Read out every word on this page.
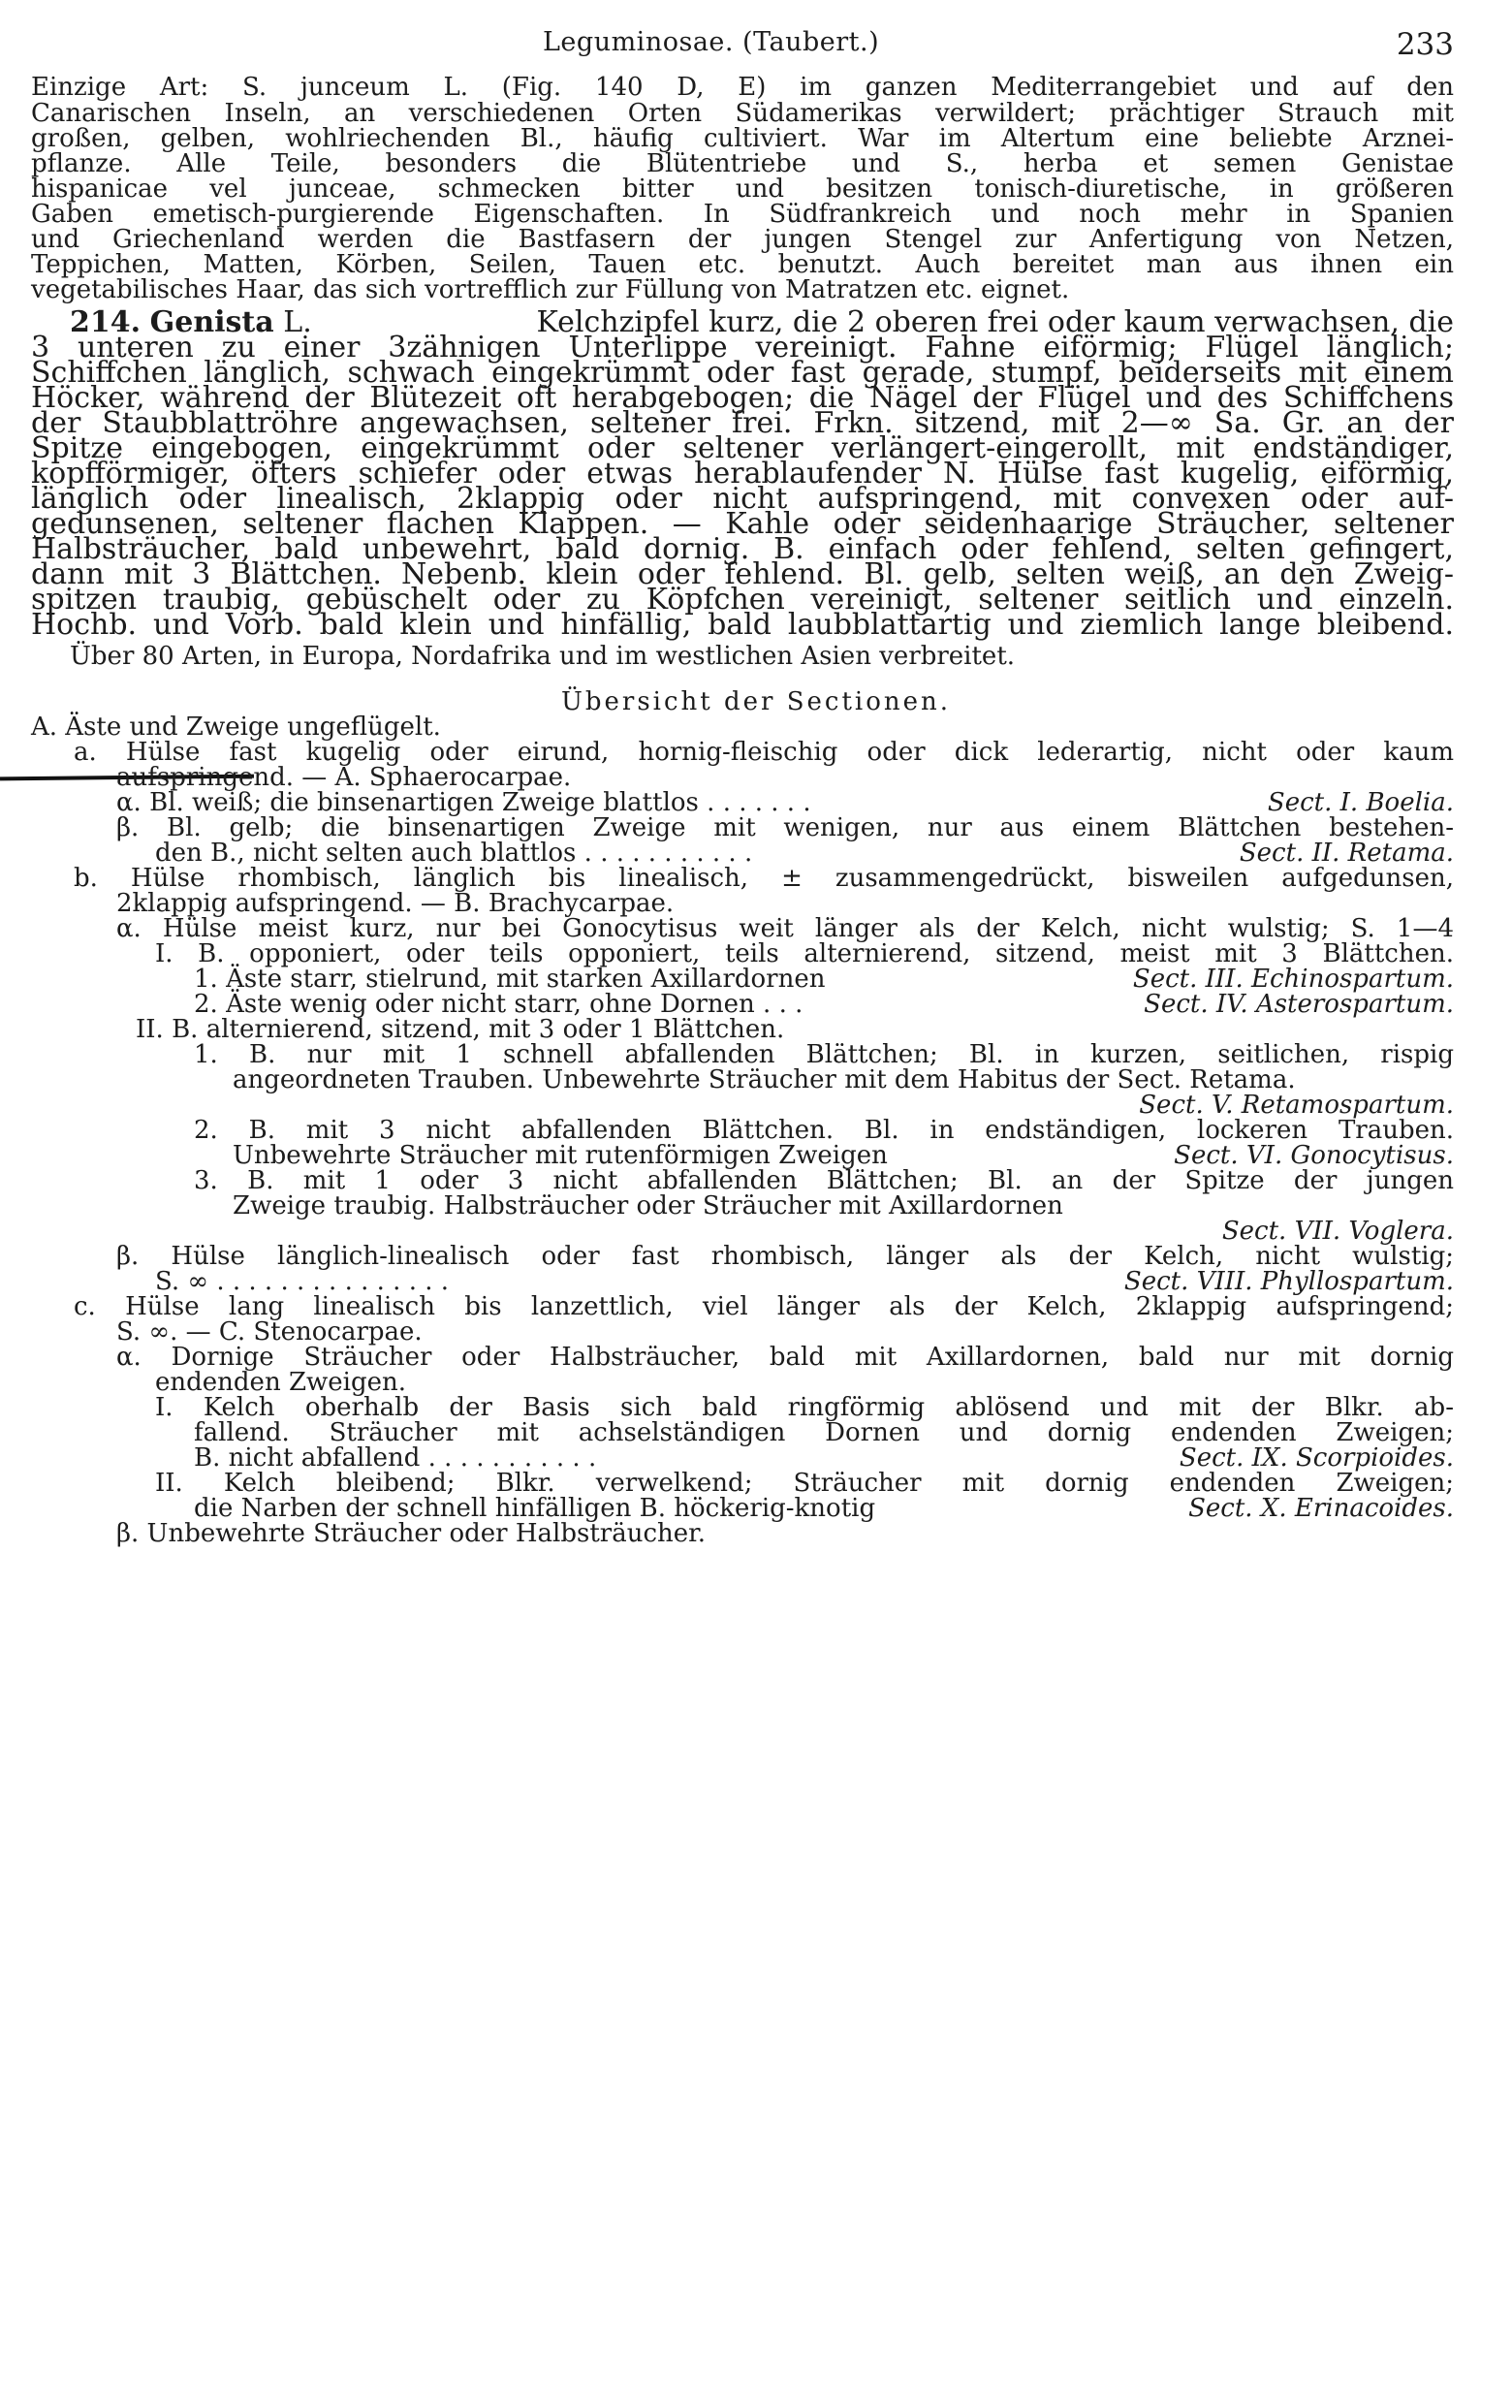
Leguminosae. (Taubert.)	233
Einzige Art: S. junceum L. (Fig. 140 D, E) im ganzen Mediterrangebiet und auf den
Canarischen Inseln, an verschiedenen Orten Südamerikas verwildert; prächtiger Strauch mit
großen, gelben, wohlriechenden Bl., häufig cultiviert. War im Altertum eine beliebte Arznei-
pflanze. Alle Teile, besonders die Blütentriebe und S., herba et semen Genistae
hispanicae vel junceae, schmecken bitter und besitzen tonisch-diuretische, in größeren
Gaben emetisch-purgierende Eigenschaften. In Südfrankreich und noch mehr in Spanien
und Griechenland werden die Bastfasern der jungen Stengel zur Anfertigung von Netzen,
Teppichen, Matten, Körben, Seilen, Tauen etc. benutzt. Auch bereitet man aus ihnen ein
vegetabilisches Haar, das sich vortrefflich zur Füllung von Matratzen etc. eignet.
214. Genista L.	Kelchzipfel kurz, die 2 oberen frei oder kaum verwachsen, die
3 unteren zu einer 3zähnigen Unterlippe vereinigt. Fahne eiförmig; Flügel länglich;
Schiffchen länglich, schwach eingekrümmt oder fast gerade, stumpf, beiderseits mit einem
Höcker, während der Blütezeit oft herabgebogen; die Nägel der Flügel und des Schiffchens
der Staubblattröhre angewachsen, seltener frei. Frkn. sitzend, mit 2—∞ Sa. Gr. an der
Spitze eingebogen, eingekrümmt oder seltener verlängert-eingerollt, mit endständiger,
kopfförmiger, öfters schiefer oder etwas herablaufender N. Hülse fast kugelig, eiförmig,
länglich oder linealisch, 2klappig oder nicht aufspringend, mit convexen oder auf-
gedunsenen, seltener flachen Klappen. — Kahle oder seidenhaarige Sträucher, seltener
Halbsträucher, bald unbewehrt, bald dornig. B. einfach oder fehlend, selten gefingert,
dann mit 3 Blättchen. Nebenb. klein oder fehlend. Bl. gelb, selten weiß, an den Zweig-
spitzen traubig, gebüschelt oder zu Köpfchen vereinigt, seltener seitlich und einzeln.
Hochb. und Vorb. bald klein und hinfällig, bald laubblattartig und ziemlich lange bleibend.
Über 80 Arten, in Europa, Nordafrika und im westlichen Asien verbreitet.
Übersicht der Sectionen.
A. Äste und Zweige ungeflügelt.
a. Hülse fast kugelig oder eirund, hornig-fleischig oder dick lederartig, nicht oder kaum
aufspringend. — A. Sphaerocarpae.
α. Bl. weiß; die binsenartigen Zweige blattlos . . . . . . .	Sect. I. Boelia.
β. Bl. gelb; die binsenartigen Zweige mit wenigen, nur aus einem Blättchen bestehen-
den B., nicht selten auch blattlos . . . . . . . . . . .	Sect. II. Retama.
b. Hülse rhombisch, länglich bis linealisch, ± zusammengedrückt, bisweilen aufgedunsen,
2klappig aufspringend. — B. Brachycarpae.
α. Hülse meist kurz, nur bei Gonocytisus weit länger als der Kelch, nicht wulstig; S. 1—4
I. B. opponiert, oder teils opponiert, teils alternierend, sitzend, meist mit 3 Blättchen.
1. Äste starr, stielrund, mit starken Axillardornen	Sect. III. Echinospartum.
2. Äste wenig oder nicht starr, ohne Dornen . . .	Sect. IV. Asterospartum.
II. B. alternierend, sitzend, mit 3 oder 1 Blättchen.
1. B. nur mit 1 schnell abfallenden Blättchen; Bl. in kurzen, seitlichen, rispig
angeordneten Trauben. Unbewehrte Sträucher mit dem Habitus der Sect. Retama.
Sect. V. Retamospartum.
2. B. mit 3 nicht abfallenden Blättchen. Bl. in endständigen, lockeren Trauben.
Unbewehrte Sträucher mit rutenförmigen Zweigen	Sect. VI. Gonocytisus.
3. B. mit 1 oder 3 nicht abfallenden Blättchen; Bl. an der Spitze der jungen
Zweige traubig. Halbsträucher oder Sträucher mit Axillardornen
Sect. VII. Voglera.
β. Hülse länglich-linealisch oder fast rhombisch, länger als der Kelch, nicht wulstig;
S. ∞ . . . . . . . . . . . . . . .	Sect. VIII. Phyllospartum.
c. Hülse lang linealisch bis lanzettlich, viel länger als der Kelch, 2klappig aufspringend;
S. ∞. — C. Stenocarpae.
α. Dornige Sträucher oder Halbsträucher, bald mit Axillardornen, bald nur mit dornig
endenden Zweigen.
I. Kelch oberhalb der Basis sich bald ringförmig ablösend und mit der Blkr. ab-
fallend. Sträucher mit achselständigen Dornen und dornig endenden Zweigen;
B. nicht abfallend . . . . . . . . . . .	Sect. IX. Scorpioides.
II. Kelch bleibend; Blkr. verwelkend; Sträucher mit dornig endenden Zweigen;
die Narben der schnell hinfälligen B. höckerig-knotig	Sect. X. Erinacoides.
β. Unbewehrte Sträucher oder Halbsträucher.
